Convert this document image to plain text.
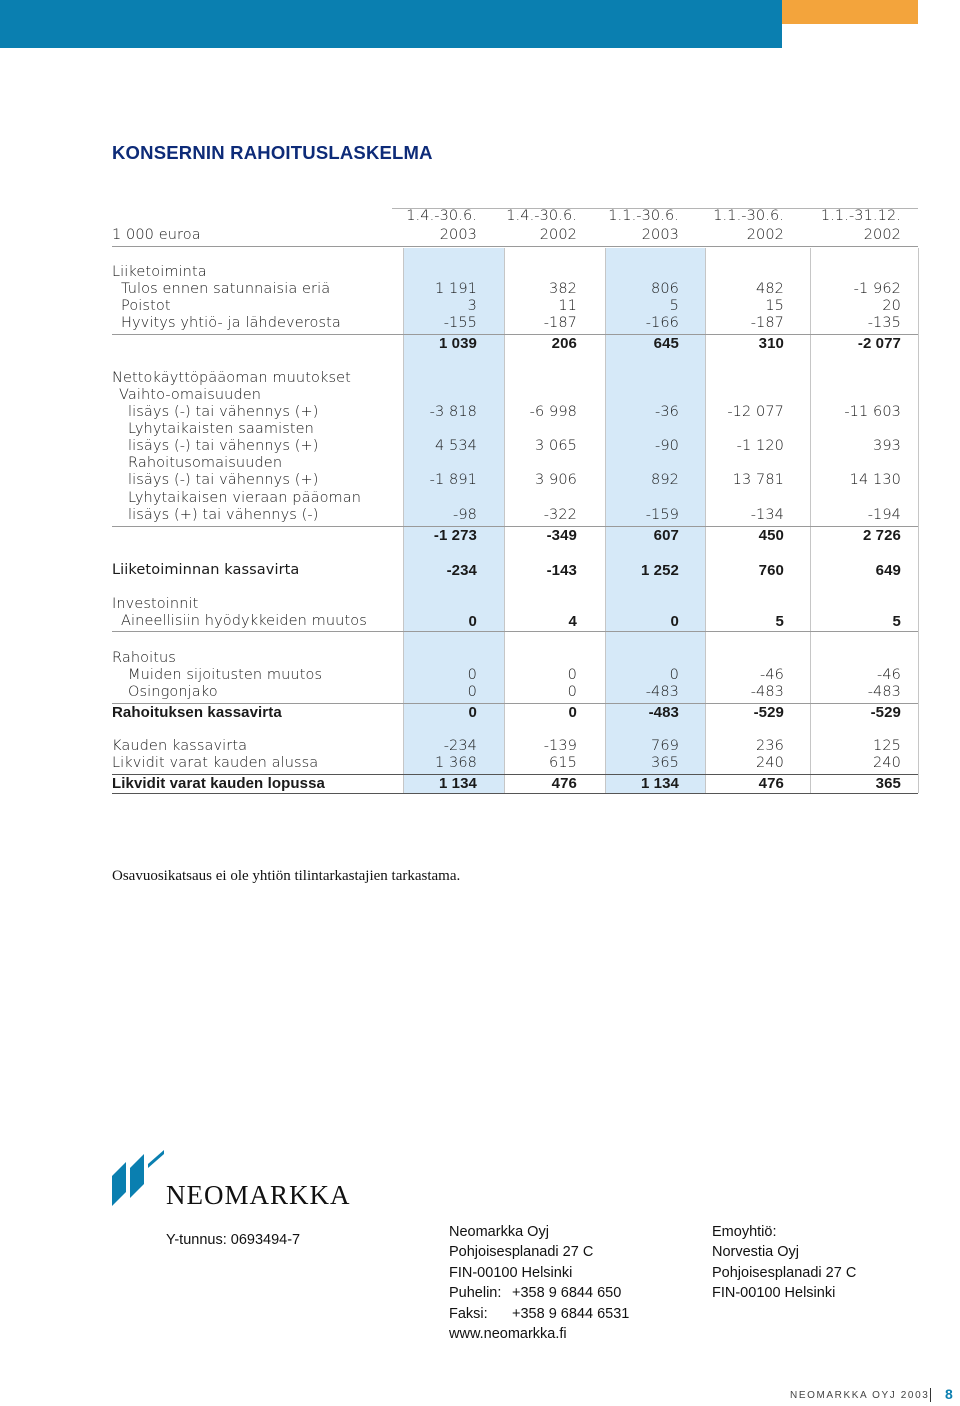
KONSERNIN RAHOITUSLASKELMA
1.4.-30.6.	1.4.-30.6.	1.1.-30.6.	1.1.-30.6.	1.1.-31.12.
1 000 euroa	2003	2002	2003	2002	2002
Liiketoiminta
Tulos ennen satunnaisia eriä	1 191	382	806	482	-1 962
Poistot	3	11	5	15	20
Hyvitys yhtiö- ja lähdeverosta	-155	-187	-166	-187	-135
1 039	206	645	310	-2 077
Nettokäyttöpääoman muutokset
Vaihto-omaisuuden
lisäys (-) tai vähennys (+)	-3 818	-6 998	-36	-12 077	-11 603
Lyhytaikaisten saamisten
lisäys (-) tai vähennys (+)	4 534	3 065	-90	-1 120	393
Rahoitusomaisuuden
lisäys (-) tai vähennys (+)	-1 891	3 906	892	13 781	14 130
Lyhytaikaisen vieraan pääoman
lisäys (+) tai vähennys (-)	-98	-322	-159	-134	-194
-1 273	-349	607	450	2 726
Liiketoiminnan kassavirta	-234	-143	1 252	760	649
Investoinnit
Aineellisiin hyödykkeiden muutos	0	4	0	5	5
Rahoitus
Muiden sijoitusten muutos	0	0	0	-46	-46
Osingonjako	0	0	-483	-483	-483
Rahoituksen kassavirta	0	0	-483	-529	-529
Kauden kassavirta	-234	-139	769	236	125
Likvidit varat kauden alussa	1 368	615	365	240	240
Likvidit varat kauden lopussa	1 134	476	1 134	476	365
Osavuosikatsaus ei ole yhtiön tilintarkastajien tarkastama.
NEOMARKKA
Y-tunnus: 0693494-7	Neomarkka Oyj
Pohjoisesplanadi 27 C
FIN-00100 Helsinki
Puhelin: +358 9 6844 650
Faksi: +358 9 6844 6531
www.neomarkka.fi
Emoyhtiö:
Norvestia Oyj
Pohjoisesplanadi 27 C
FIN-00100 Helsinki
NEOMARKKA OYJ 2003 8
